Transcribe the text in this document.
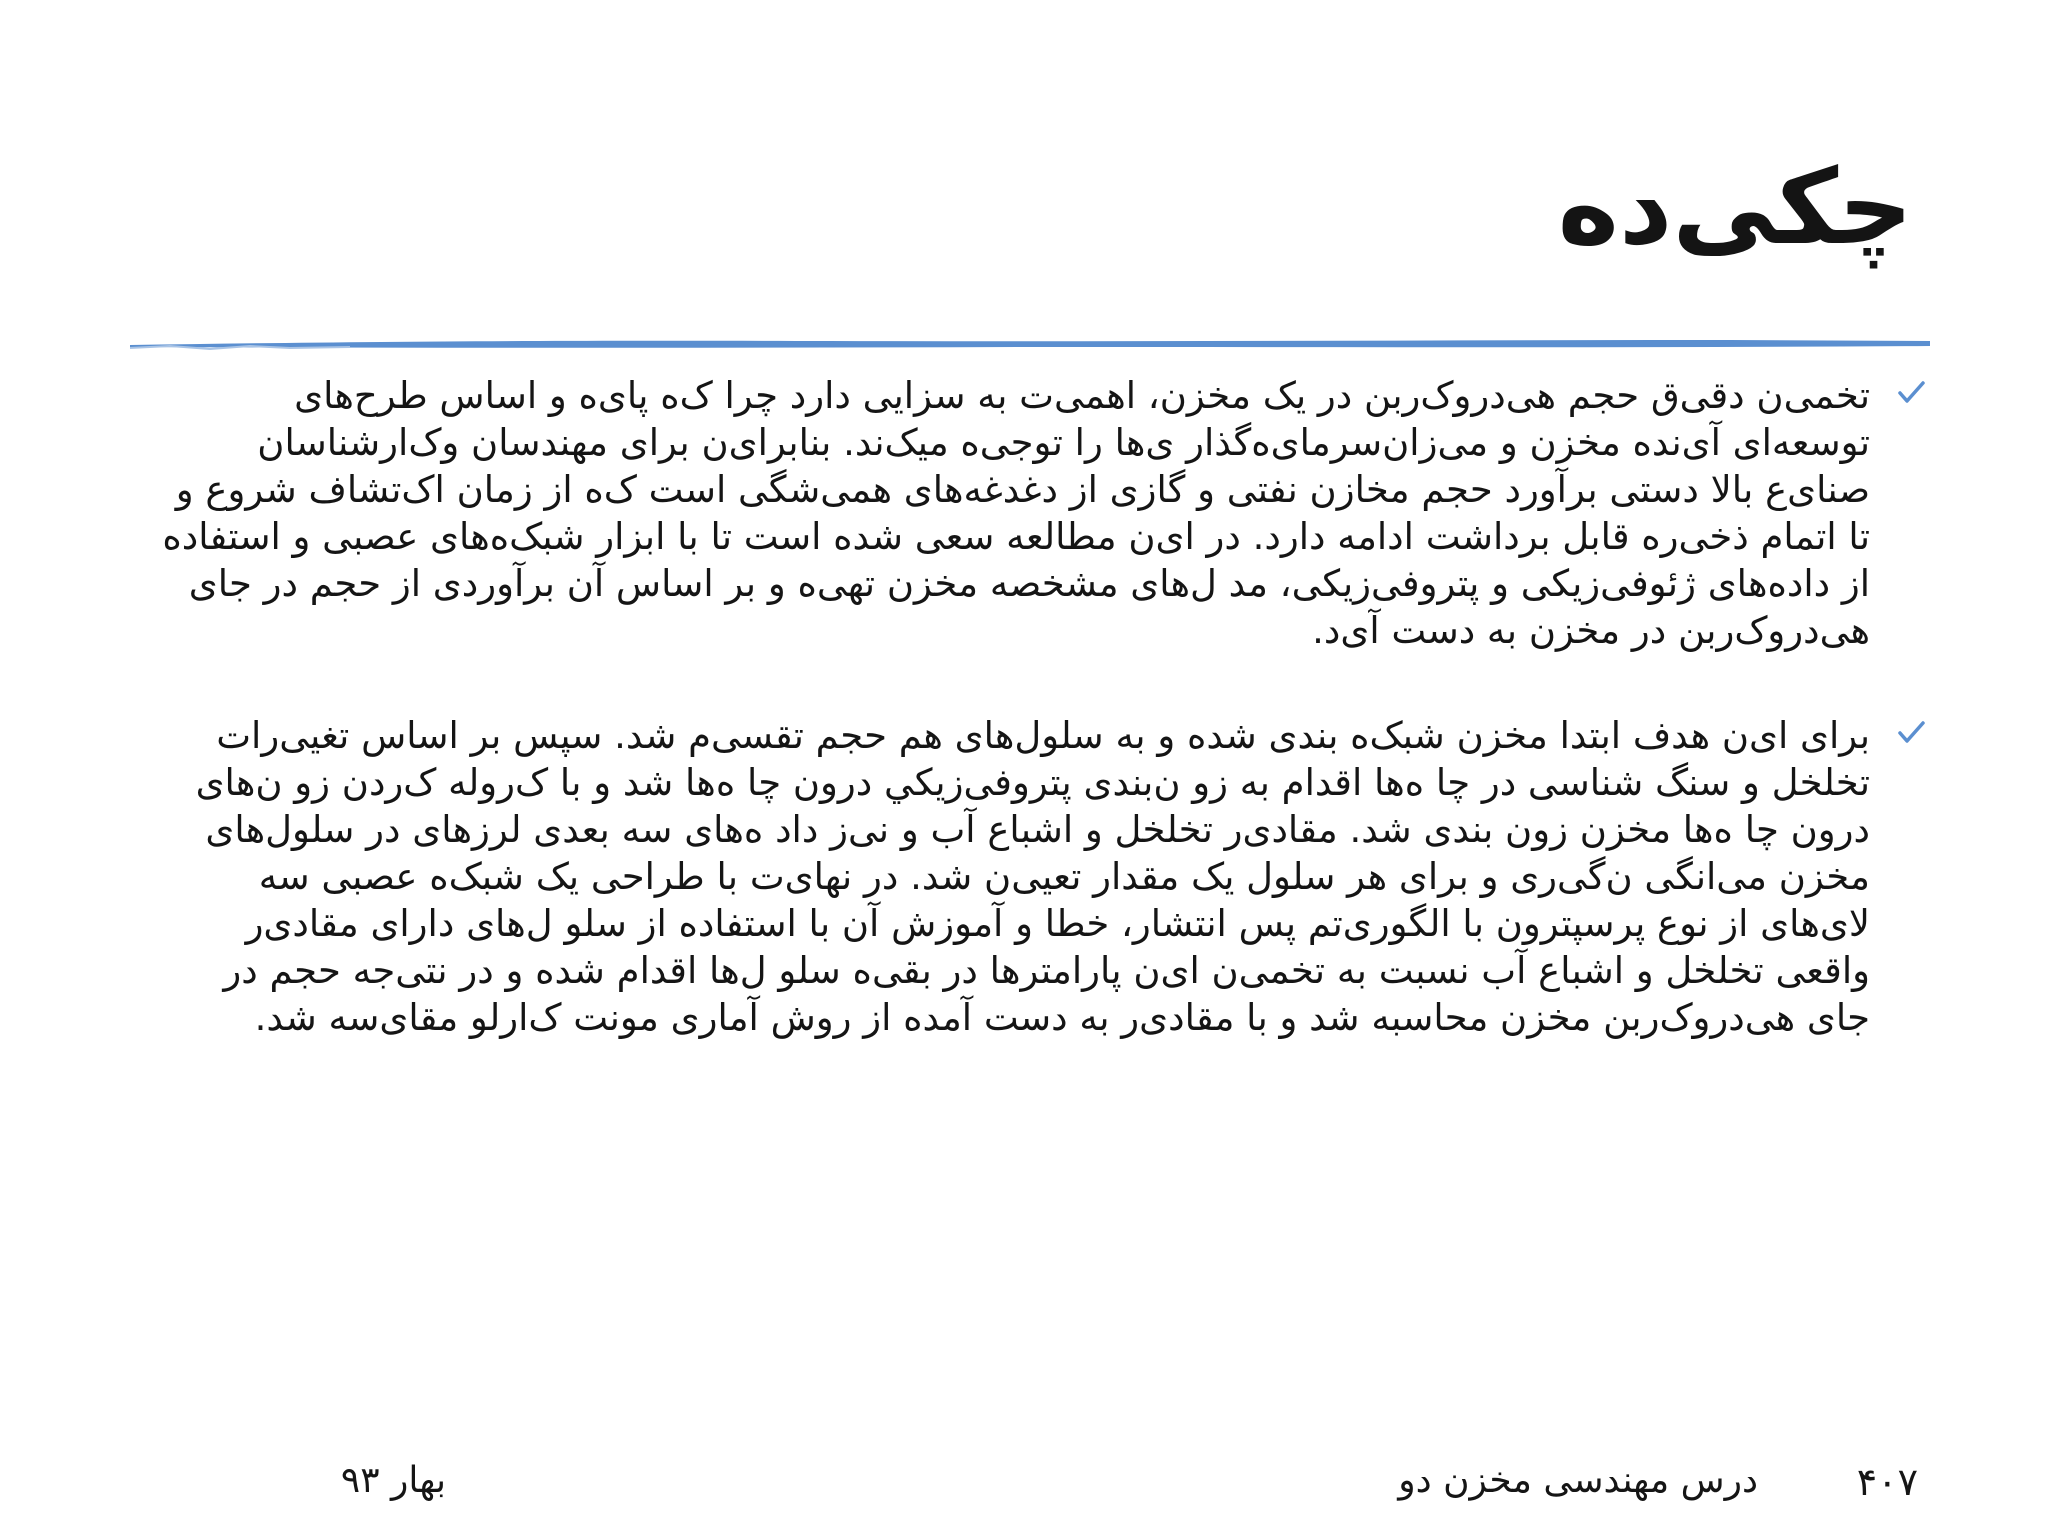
چکی‌ده

تخمی‌ن دقی‌ق حجم هی‌دروک‌ربن در یک مخزن، اهمی‌ت به سزایی دارد چرا ک‌ه پای‌ه و اساس طرح‌های توسعه‌ای آی‌نده مخزن و می‌زان‌سرمای‌ه‌گذار ی‌ها را توجی‌ه میک‌ند. بنابرای‌ن برای مهندسان وک‌ارشناسان صنای‌ع بالا دستی برآورد حجم مخازن نفتی و گازی از دغدغه‌های همی‌شگی است ک‌ه از زمان اک‌تشاف شروع و تا اتمام ذخی‌ره قابل برداشت ادامه دارد. در ای‌ن مطالعه سعی شده است تا با ابزار شبک‌ه‌های عصبی و استفاده از داده‌های ژئوفی‌زیکی و پتروفی‌زیکی، مد ل‌های مشخصه مخزن تهی‌ه و بر اساس آن برآوردی از حجم در جای هی‌دروک‌ربن در مخزن به دست آی‌د.

برای ای‌ن هدف ابتدا مخزن شبک‌ه بندی شده و به سلول‌های هم حجم تقسی‌م شد. سپس بر اساس تغیی‌رات تخلخل و سنگ شناسی در چا ه‌ها اقدام به زو ن‌بندی پتروفی‌زیکي درون چا ه‌ها شد و با ک‌روله ک‌ردن زو ن‌های درون چا ه‌ها مخزن زون بندی شد. مقادی‌ر تخلخل و اشباع آب و نی‌ز داد ه‌های سه بعدی لرزهای در سلول‌های مخزن می‌انگی ن‌گی‌ری و برای هر سلول یک مقدار تعیی‌ن شد. در نهای‌ت با طراحی یک شبک‌ه عصبی سه لای‌های از نوع پرسپترون با الگوری‌تم پس انتشار، خطا و آموزش آن با استفاده از سلو ل‌های دارای مقادی‌ر واقعی تخلخل و اشباع آب نسبت به تخمی‌ن ای‌ن پارامترها در بقی‌ه سلو ل‌ها اقدام شده و در نتی‌جه حجم در جای هی‌دروک‌ربن مخزن محاسبه شد و با مقادی‌ر به دست آمده از روش آماری مونت ک‌ارلو مقای‌سه شد.

۴۰۷

درس مهندسی مخزن دو

بهار ۹۳
